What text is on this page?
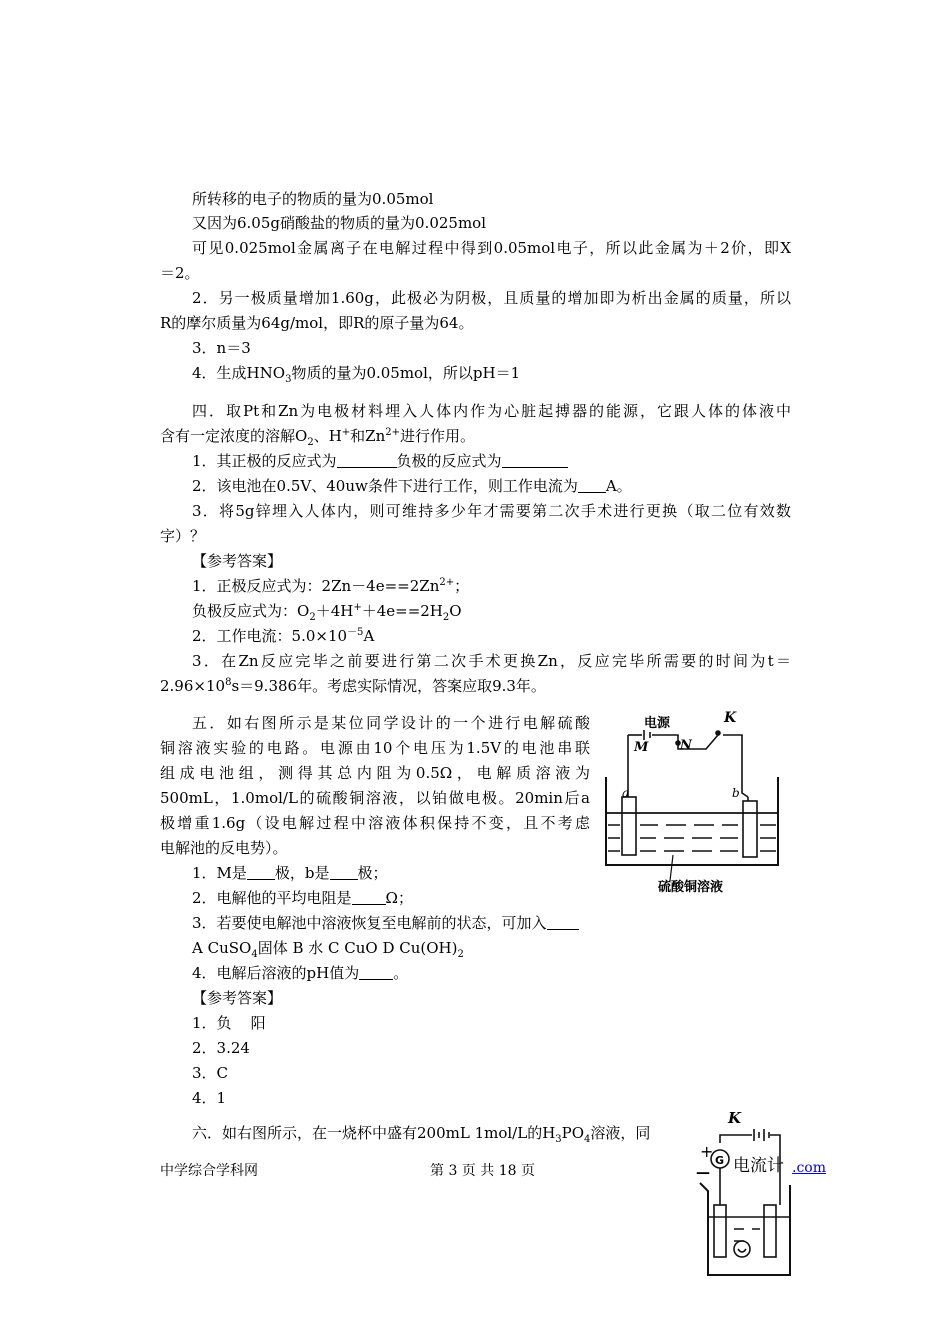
所转移的电子的物质的量为0.05mol
又因为6.05g硝酸盐的物质的量为0.025mol
可见0.025mol金属离子在电解过程中得到0.05mol电子，所以此金属为＋2价，即X
＝2。
2．另一极质量增加1.60g，此极必为阴极，且质量的增加即为析出金属的质量，所以
R的摩尔质量为64g/mol，即R的原子量为64。
3．n＝3
4．生成$HNO_3$物质的量为0.05mol，所以pH＝1
四．取Pt和Zn为电极材料埋入人体内作为心脏起搏器的能源，它跟人体的体液中
含有一定浓度的溶解$O_2$、H+和$Zn^{2+}$进行作用。
1．其正极的反应式为	负极的反应式为
2．该电池在0.5V、40uw条件下进行工作，则工作电流为 A。
3．将5g锌埋入人体内，则可维持多少年才需要第二次手术进行更换（取二位有效数
字）？
【参考答案】
1．正极反应式为：$2Zn-4e==2Zn^{2+}$；
负极反应式为：$O_2+4H^++4e==2H_2O$
2．工作电流：$5.0\times 10^{-5}A$
3．在Zn反应完毕之前要进行第二次手术更换Zn，反应完毕所需要的时间为t＝
$2.96\times 10^8s=9.386$年。考虑实际情况，答案应取9.3年。
五．如右图所示是某位同学设计的一个进行电解硫酸
铜溶液实验的电路。电源由10个电压为1.5V的电池串联
组成电池组，测得其总内阻为0.5Ω，电解质溶液为
500mL，1.0mol/L的硫酸铜溶液，以铂做电极。20min后a
极增重1.6g（设电解过程中溶液体积保持不变，且不考虑
电解池的反电势）。
1．M是 极，b是 极；
2．电解他的平均电阻是 Ω；
3．若要使电解池中溶液恢复至电解前的状态，可加入
A CuSO$_4$固体 B 水 C CuO D $Cu(OH)_2$
4．电解后溶液的pH值为 。
【参考答案】
1．负    阳
2．3.24
3．C
4．1
六．如右图所示，在一烧杯中盛有200mL 1mol/L的$H_3PO_4$溶液，同
电源
M N
K
a	b
硫酸铜溶液
K
+
—
G 电流计
中学综合学科网	第 3 页 共 18 页	.com
